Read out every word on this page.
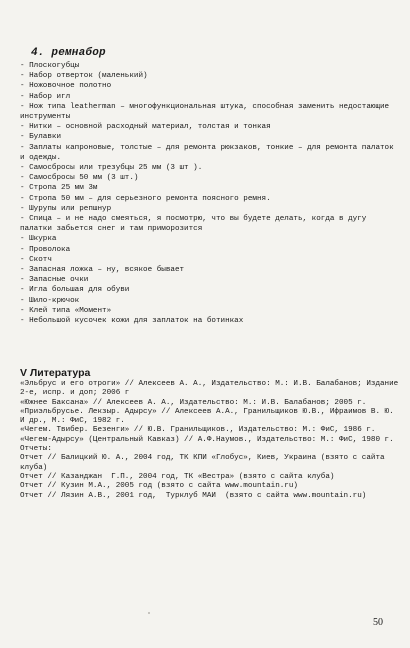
4. ремнабор
- Плоскогубцы
- Набор отверток (маленький)
- Ножовочное полотно
- Набор игл
- Нож типа leatherman – многофункциональная штука, способная заменить недостающие инструменты
- Нитки – основной расходный материал, толстая и тонкая
- Булавки
- Заплаты капроновые, толстые – для ремонта рюкзаков, тонкие – для ремонта палаток и одежды.
- Самосбросы или трезубцы 25 мм (3 шт ).
- Самосбросы 50 мм (3 шт.)
- Стропа 25 мм 3м
- Стропа 50 мм – для серьезного ремонта поясного ремня.
- Шурупы или репшнур
- Спица – и не надо смеяться, я посмотрю, что вы будете делать, когда в дугу палатки забьется снег и там приморозится
- Шкурка
- Проволока
- Скотч
- Запасная ложка – ну, всякое бывает
- Запасные очки
- Игла большая для обуви
- Шило-крючок
- Клей типа «Момент»
- Небольшой кусочек кожи для заплаток на ботинках
V Литература
«Эльбрус и его отроги» // Алексеев А. А., Издательство: М.: И.В. Балабанов; Издание 2-е, испр. и доп; 2006 г
«Южнее Баксана» // Алексеев А. А., Издательство: М.: И.В. Балабанов; 2005 г.
«Приэльбрусье. Лекзыр. Адырсу» // Алексеев А.А., Гранильщиков Ю.В., Ифраимов В. Ю. И др., М.: ФиС, 1982 г.
«Чегем. Твибер. Безенги» // Ю.В. Гранильщиков., Издательство: М.: ФиС, 1986 г.
«Чегем-Адырсу» (Центральный Кавказ) // А.Ф.Наумов., Издательство: М.: ФиС, 1980 г.
Отчеты:
Отчет // Балицкий Ю. А., 2004 год, ТК КПИ «Глобус», Киев, Украина (взято с сайта клуба)
Отчет // Казанджан  Г.П., 2004 год, ТК «Вестра» (взято с сайта клуба)
Отчет // Кузин М.А., 2005 год (взято с сайта www.mountain.ru)
Отчет // Лязин А.В., 2001 год,  Турклуб МАИ  (взято с сайта www.mountain.ru)
50
